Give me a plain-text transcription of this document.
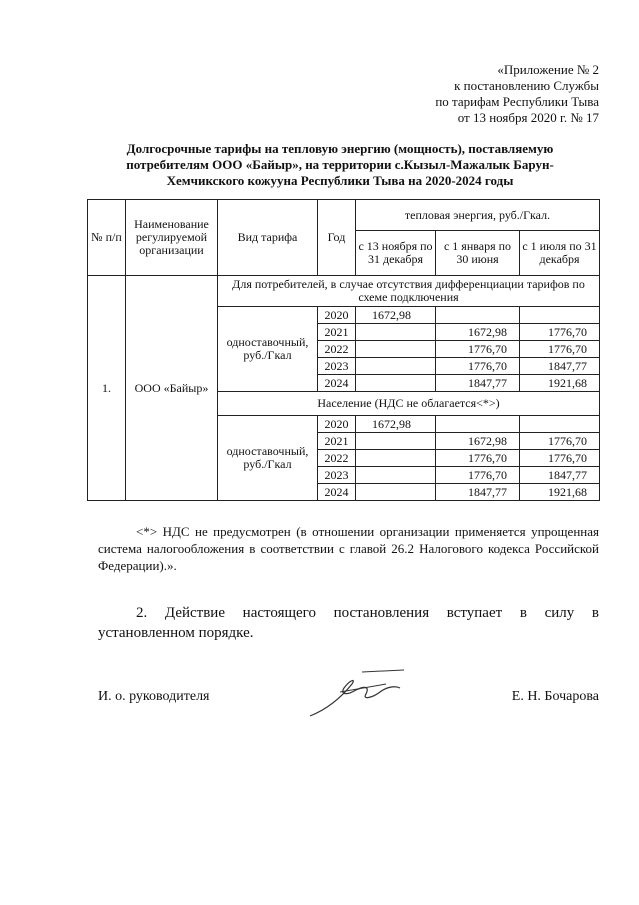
«Приложение № 2
к постановлению Службы
по тарифам Республики Тыва
от 13 ноября 2020 г. № 17
Долгосрочные тарифы на тепловую энергию (мощность), поставляемую потребителям ООО «Байыр», на территории с.Кызыл-Мажалык Барун-Хемчикского кожууна Республики Тыва на 2020-2024 годы
№ п/п	Наименование регулируемой организации	Вид тарифа	Год	тепловая энергия, руб./Гкал.		
				с 13 ноября по 31 декабря	с 1 января по 30 июня	с 1 июля по 31 декабря
1.	ООО «Байыр»	Для потребителей, в случае отсутствия дифференциации тарифов по схеме подключения				
		одноставочный, руб./Гкал	2020	1672,98		
			2021		1672,98	1776,70
			2022		1776,70	1776,70
			2023		1776,70	1847,77
			2024		1847,77	1921,68
		Население (НДС не облагается<*>)				
		одноставочный, руб./Гкал	2020	1672,98		
			2021		1672,98	1776,70
			2022		1776,70	1776,70
			2023		1776,70	1847,77
			2024		1847,77	1921,68
<*> НДС не предусмотрен (в отношении организации применяется упрощенная система налогообложения в соответствии с главой 26.2 Налогового кодекса Российской Федерации).».
2. Действие настоящего постановления вступает в силу в установленном порядке.
И. о. руководителя	Е. Н. Бочарова
